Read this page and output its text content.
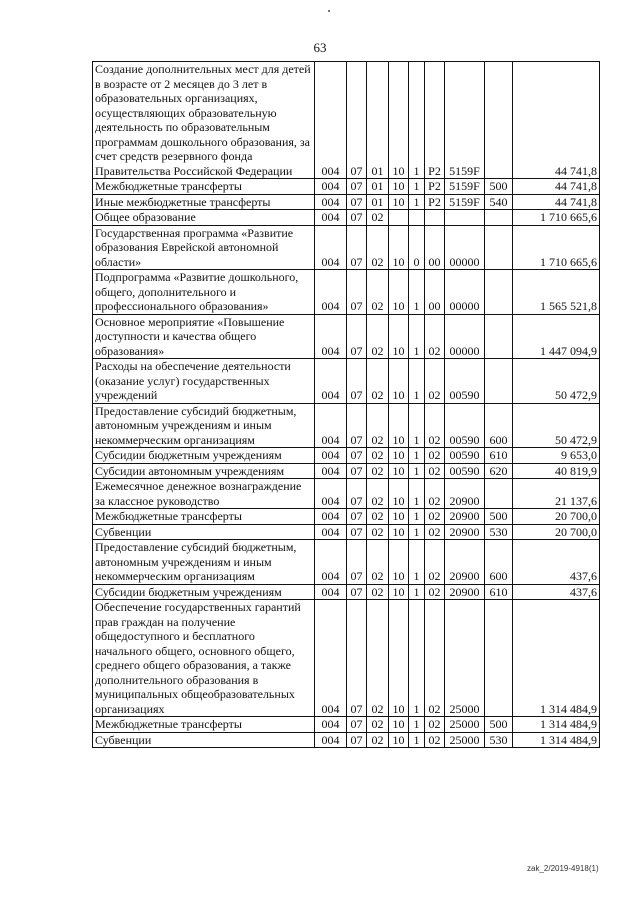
63
Создание дополнительных мест для детей в возрасте от 2 месяцев до 3 лет в образовательных организациях, осуществляющих образовательную деятельность по образовательным программам дошкольного образования, за счет средств резервного фонда Правительства Российской Федерации	004	07	01	10	1	P2	5159F		44 741,8
Межбюджетные трансферты	004	07	01	10	1	P2	5159F	500	44 741,8
Иные межбюджетные трансферты	004	07	01	10	1	P2	5159F	540	44 741,8
Общее образование	004	07	02						1 710 665,6
Государственная программа «Развитие образования Еврейской автономной области»	004	07	02	10	0	00	00000		1 710 665,6
Подпрограмма «Развитие дошкольного, общего, дополнительного и профессионального образования»	004	07	02	10	1	00	00000		1 565 521,8
Основное мероприятие «Повышение доступности и качества общего образования»	004	07	02	10	1	02	00000		1 447 094,9
Расходы на обеспечение деятельности (оказание услуг) государственных учреждений	004	07	02	10	1	02	00590		50 472,9
Предоставление субсидий бюджетным, автономным учреждениям и иным некоммерческим организациям	004	07	02	10	1	02	00590	600	50 472,9
Субсидии бюджетным учреждениям	004	07	02	10	1	02	00590	610	9 653,0
Субсидии автономным учреждениям	004	07	02	10	1	02	00590	620	40 819,9
Ежемесячное денежное вознаграждение за классное руководство	004	07	02	10	1	02	20900		21 137,6
Межбюджетные трансферты	004	07	02	10	1	02	20900	500	20 700,0
Субвенции	004	07	02	10	1	02	20900	530	20 700,0
Предоставление субсидий бюджетным, автономным учреждениям и иным некоммерческим организациям	004	07	02	10	1	02	20900	600	437,6
Субсидии бюджетным учреждениям	004	07	02	10	1	02	20900	610	437,6
Обеспечение государственных гарантий прав граждан на получение общедоступного и бесплатного начального общего, основного общего, среднего общего образования, а также дополнительного образования в муниципальных общеобразовательных организациях	004	07	02	10	1	02	25000		1 314 484,9
Межбюджетные трансферты	004	07	02	10	1	02	25000	500	1 314 484,9
Субвенции	004	07	02	10	1	02	25000	530	1 314 484,9
zak_2/2019-4918(1)
